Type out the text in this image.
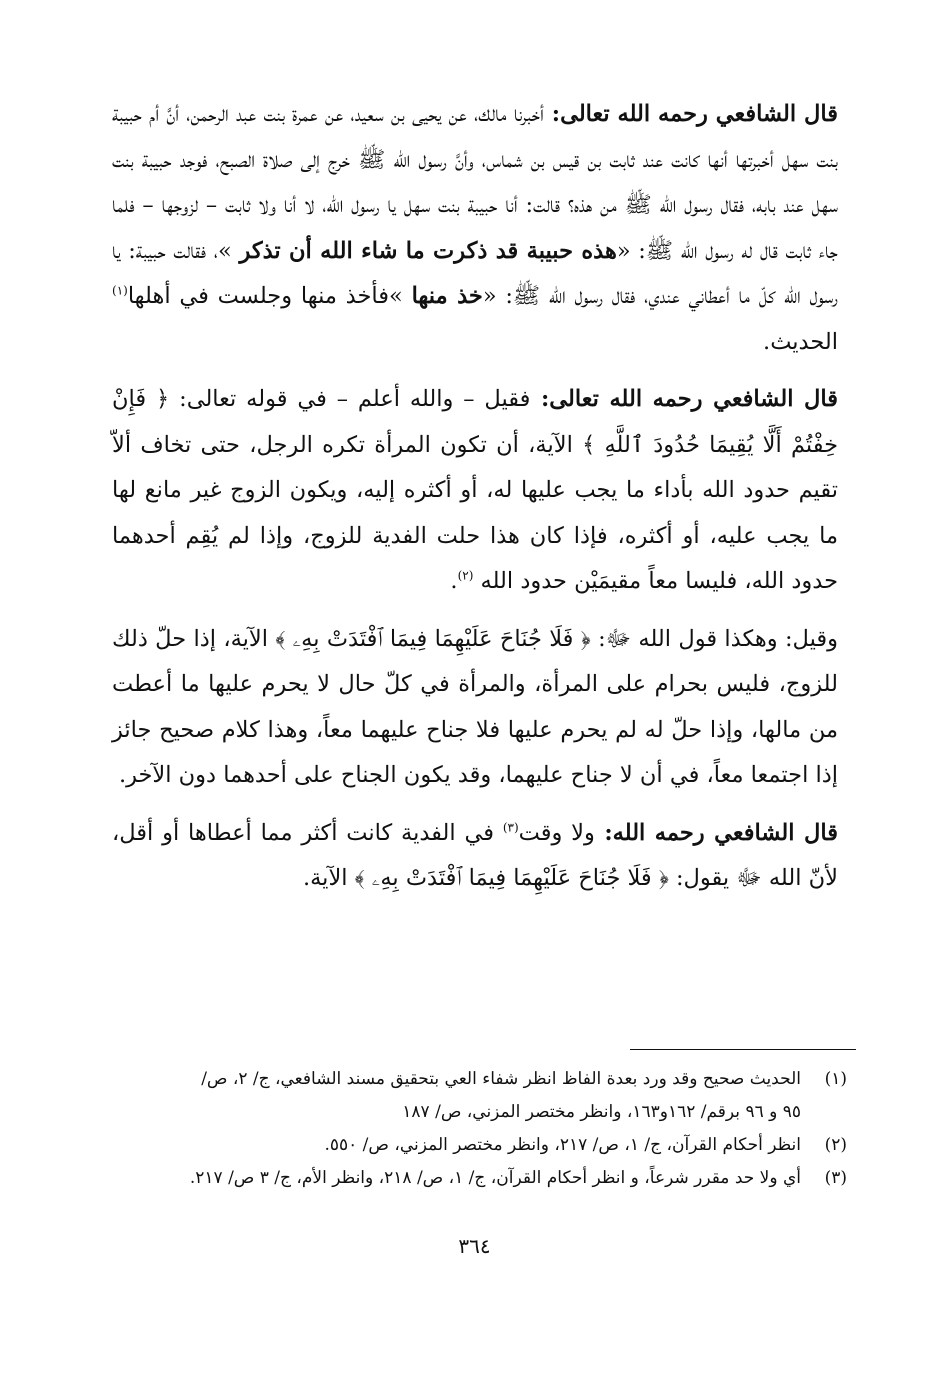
قال الشافعي رحمه الله تعالى: أخبرنا مالك، عن يحيى بن سعيد، عن عمرة بنت عبد الرحمن، أنَّ أم حبيبة بنت سهل أخبرتها أنها كانت عند ثابت بن قيس بن شماس، وأنَّ رسول الله ﷺ خرج إلى صلاة الصبح، فوجد حبيبة بنت سهل عند بابه، فقال رسول الله ﷺ من هذه؟ قالت: أنا حبيبة بنت سهل يا رسول الله، لا أنا ولا ثابت – لزوجها – فلما جاء ثابت قال له رسول الله ﷺ: «هذه حبيبة قد ذكرت ما شاء الله أن تذكر »، فقالت حبيبة: يا رسول الله كلّ ما أعطاني عندي، فقال رسول الله ﷺ: «خذ منها »فأخذ منها وجلست في أهلها$^{(١)}$ الحديث.

قال الشافعي رحمه الله تعالى: فقيل – والله أعلم – في قوله تعالى: ﴿ فَإِنْ خِفْتُمْ أَلَّا يُقِيمَا حُدُودَ ٱللَّهِ ﴾ الآية، أن تكون المرأة تكره الرجل، حتى تخاف ألاّ تقيم حدود الله بأداء ما يجب عليها له، أو أكثره إليه، ويكون الزوج غير مانع لها ما يجب عليه، أو أكثره، فإذا كان هذا حلت الفدية للزوج، وإذا لم يُقِم أحدهما حدود الله، فليسا معاً مقيمَيْن حدود الله $^{(٢)}$.

وقيل: وهكذا قول الله ﷻ: ﴿ فَلَا جُنَاحَ عَلَيْهِمَا فِيمَا ٱفْتَدَتْ بِهِۦ ﴾ الآية، إذا حلّ ذلك للزوج، فليس بحرام على المرأة، والمرأة في كلّ حال لا يحرم عليها ما أعطت من مالها، وإذا حلّ له لم يحرم عليها فلا جناح عليهما معاً، وهذا كلام صحيح جائز إذا اجتمعا معاً، في أن لا جناح عليهما، وقد يكون الجناح على أحدهما دون الآخر.

قال الشافعي رحمه الله: ولا وقت$^{(٣)}$ في الفدية كانت أكثر مما أعطاها أو أقل، لأنّ الله ﷻ يقول: ﴿ فَلَا جُنَاحَ عَلَيْهِمَا فِيمَا ٱفْتَدَتْ بِهِۦ ﴾ الآية.

(١)
الحديث صحيح وقد ورد بعدة الفاظ انظر شفاء العي بتحقيق مسند الشافعي، ج/ ٢، ص/
٩٥ و ٩٦ برقم/ ١٦٢و١٦٣، وانظر مختصر المزني، ص/ ١٨٧
(٢)
انظر أحكام القرآن، ج/ ١، ص/ ٢١٧، وانظر مختصر المزني، ص/ ٥٥٠.
(٣)
أي ولا حد مقرر شرعاً، و انظر أحكام القرآن، ج/ ١، ص/ ٢١٨، وانظر الأم، ج/ ٣ ص/ ٢١٧.
٣٦٤
